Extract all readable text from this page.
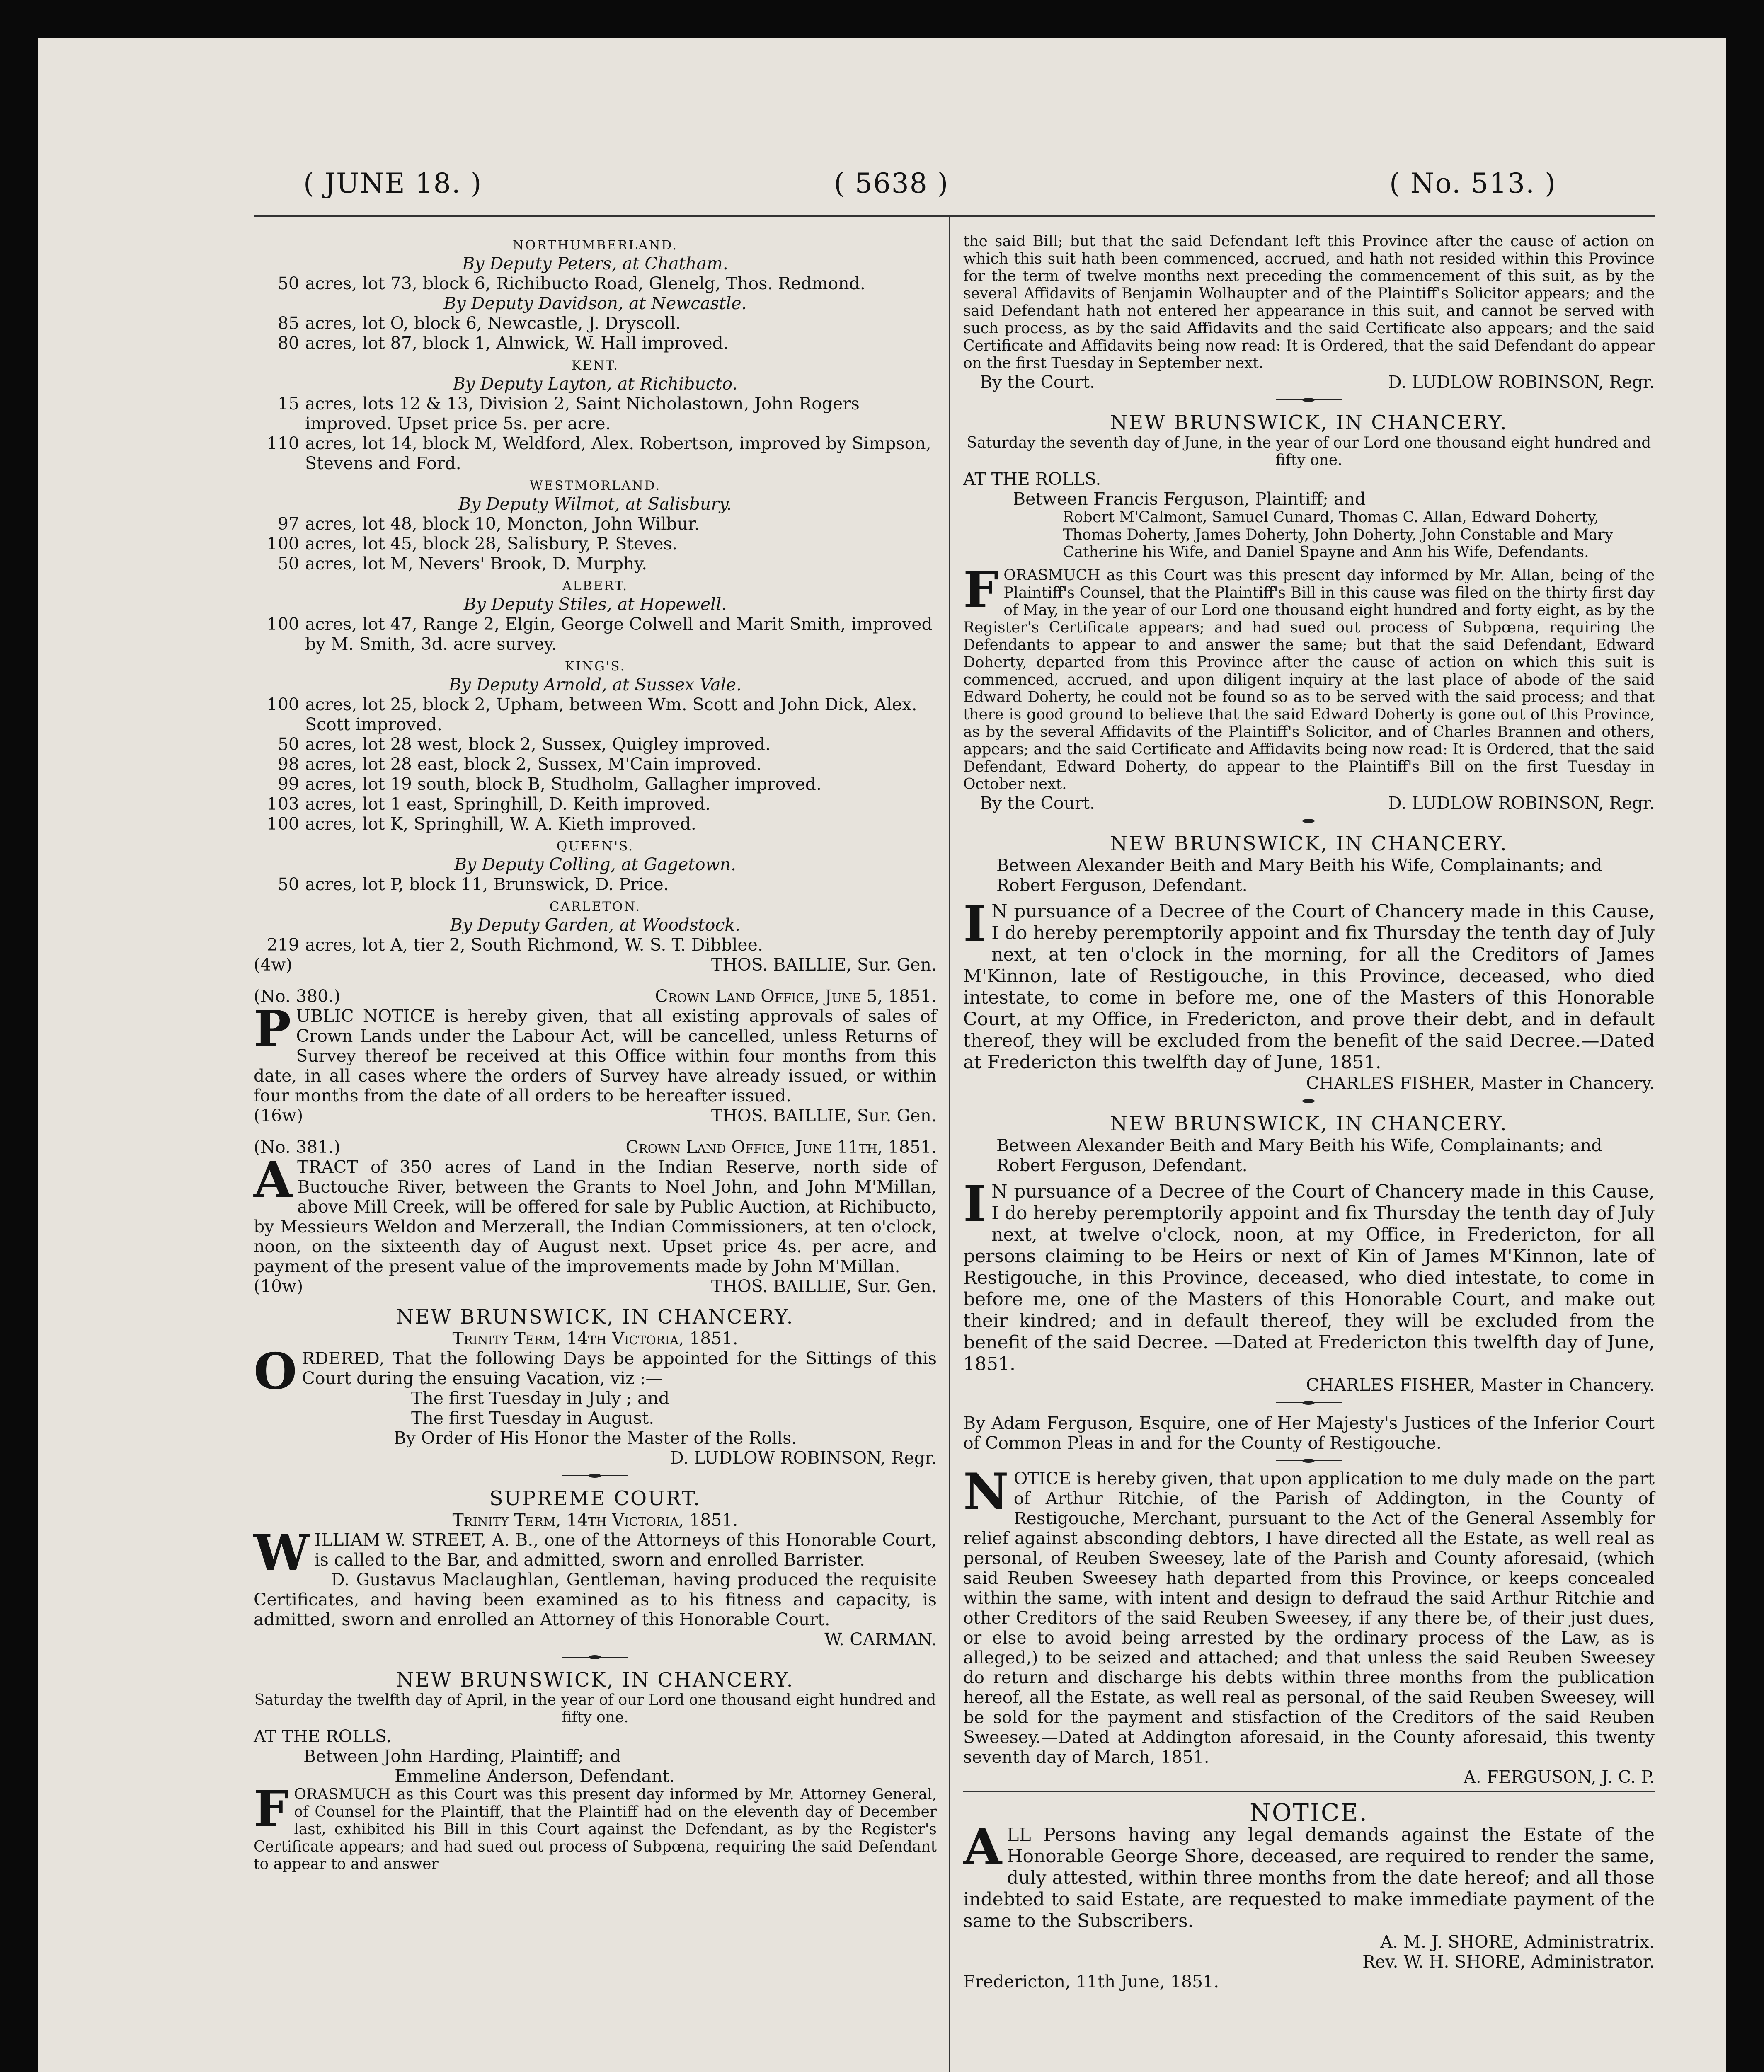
( JUNE 18. )	( 5638 )	( No. 513. )
NORTHUMBERLAND.
By Deputy Peters, at Chatham.
50 acres, lot 73, block 6, Richibucto Road, Glenelg, Thos. Redmond.
By Deputy Davidson, at Newcastle.
85 acres, lot O, block 6, Newcastle, J. Dryscoll.
80 acres, lot 87, block 1, Alnwick, W. Hall improved.
KENT.
By Deputy Layton, at Richibucto.
15 acres, lots 12 & 13, Division 2, Saint Nicholastown, John Rogers improved. Upset price 5s. per acre.
110 acres, lot 14, block M, Weldford, Alex. Robertson, improved by Simpson, Stevens and Ford.
WESTMORLAND.
By Deputy Wilmot, at Salisbury.
97 acres, lot 48, block 10, Moncton, John Wilbur.
100 acres, lot 45, block 28, Salisbury, P. Steves.
50 acres, lot M, Nevers' Brook, D. Murphy.
ALBERT.
By Deputy Stiles, at Hopewell.
100 acres, lot 47, Range 2, Elgin, George Colwell and Marit Smith, improved by M. Smith, 3d. acre survey.
KING'S.
By Deputy Arnold, at Sussex Vale.
100 acres, lot 25, block 2, Upham, between Wm. Scott and John Dick, Alex. Scott improved.
50 acres, lot 28 west, block 2, Sussex, Quigley improved.
98 acres, lot 28 east, block 2, Sussex, M'Cain improved.
99 acres, lot 19 south, block B, Studholm, Gallagher improved.
103 acres, lot 1 east, Springhill, D. Keith improved.
100 acres, lot K, Springhill, W. A. Kieth improved.
QUEEN'S.
By Deputy Colling, at Gagetown.
50 acres, lot P, block 11, Brunswick, D. Price.
CARLETON.
By Deputy Garden, at Woodstock.
219 acres, lot A, tier 2, South Richmond, W. S. T. Dibblee.
(4w)	THOS. BAILLIE, Sur. Gen.
(No. 380.)	Crown Land Office, June 5, 1851.

PUBLIC NOTICE is hereby given, that all existing approvals of sales of Crown Lands under the Labour Act, will be cancelled, unless Returns of Survey thereof be received at this Office within four months from this date, in all cases where the orders of Survey have already issued, or within four months from the date of all orders to be hereafter issued.

(16w)	THOS. BAILLIE, Sur. Gen.
(No. 381.)	Crown Land Office, June 11th, 1851.

ATRACT of 350 acres of Land in the Indian Reserve, north side of Buctouche River, between the Grants to Noel John, and John M'Millan, above Mill Creek, will be offered for sale by Public Auction, at Richibucto, by Messieurs Weldon and Merzerall, the Indian Commissioners, at ten o'clock, noon, on the sixteenth day of August next. Upset price 4s. per acre, and payment of the present value of the improvements made by John M'Millan.

(10w)	THOS. BAILLIE, Sur. Gen.
NEW BRUNSWICK, IN CHANCERY.
Trinity Term, 14th Victoria, 1851.

ORDERED, That the following Days be appointed for the Sittings of this Court during the ensuing Vacation, viz :—

The first Tuesday in July ; and
The first Tuesday in August.
By Order of His Honor the Master of the Rolls.
D. LUDLOW ROBINSON, Regr.
SUPREME COURT.
Trinity Term, 14th Victoria, 1851.

WILLIAM W. STREET, A. B., one of the Attorneys of this Honorable Court, is called to the Bar, and admitted, sworn and enrolled Barrister.

D. Gustavus Maclaughlan, Gentleman, having produced the requisite Certificates, and having been examined as to his fitness and capacity, is admitted, sworn and enrolled an Attorney of this Honorable Court.

W. CARMAN.
NEW BRUNSWICK, IN CHANCERY.
Saturday the twelfth day of April, in the year of our Lord one thousand eight hundred and fifty one.
AT THE ROLLS.
Between John Harding, Plaintiff; and
Emmeline Anderson, Defendant.

FORASMUCH as this Court was this present day informed by Mr. Attorney General, of Counsel for the Plaintiff, that the Plaintiff had on the eleventh day of December last, exhibited his Bill in this Court against the Defendant, as by the Register's Certificate appears; and had sued out process of Subpœna, requiring the said Defendant to appear to and answer

the said Bill; but that the said Defendant left this Province after the cause of action on which this suit hath been commenced, accrued, and hath not resided within this Province for the term of twelve months next preceding the commencement of this suit, as by the several Affidavits of Benjamin Wolhaupter and of the Plaintiff's Solicitor appears; and the said Defendant hath not entered her appearance in this suit, and cannot be served with such process, as by the said Affidavits and the said Certificate also appears; and the said Certificate and Affidavits being now read: It is Ordered, that the said Defendant do appear on the first Tuesday in September next.

By the Court.	D. LUDLOW ROBINSON, Regr.
NEW BRUNSWICK, IN CHANCERY.
Saturday the seventh day of June, in the year of our Lord one thousand eight hundred and fifty one.
AT THE ROLLS.
Between Francis Ferguson, Plaintiff; and
Robert M'Calmont, Samuel Cunard, Thomas C. Allan, Edward Doherty, Thomas Doherty, James Doherty, John Doherty, John Constable and Mary Catherine his Wife, and Daniel Spayne and Ann his Wife, Defendants.

FORASMUCH as this Court was this present day informed by Mr. Allan, being of the Plaintiff's Counsel, that the Plaintiff's Bill in this cause was filed on the thirty first day of May, in the year of our Lord one thousand eight hundred and forty eight, as by the Register's Certificate appears; and had sued out process of Subpœna, requiring the Defendants to appear to and answer the same; but that the said Defendant, Edward Doherty, departed from this Province after the cause of action on which this suit is commenced, accrued, and upon diligent inquiry at the last place of abode of the said Edward Doherty, he could not be found so as to be served with the said process; and that there is good ground to believe that the said Edward Doherty is gone out of this Province, as by the several Affidavits of the Plaintiff's Solicitor, and of Charles Brannen and others, appears; and the said Certificate and Affidavits being now read: It is Ordered, that the said Defendant, Edward Doherty, do appear to the Plaintiff's Bill on the first Tuesday in October next.

By the Court.	D. LUDLOW ROBINSON, Regr.
NEW BRUNSWICK, IN CHANCERY.
Between Alexander Beith and Mary Beith his Wife, Complainants; and
Robert Ferguson, Defendant.

I N pursuance of a Decree of the Court of Chancery made in this Cause, I do hereby peremptorily appoint and fix Thursday the tenth day of July next, at ten o'clock in the morning, for all the Creditors of James M'Kinnon, late of Restigouche, in this Province, deceased, who died intestate, to come in before me, one of the Masters of this Honorable Court, at my Office, in Fredericton, and prove their debt, and in default thereof, they will be excluded from the benefit of the said Decree.—Dated at Fredericton this twelfth day of June, 1851.

CHARLES FISHER, Master in Chancery.
NEW BRUNSWICK, IN CHANCERY.
Between Alexander Beith and Mary Beith his Wife, Complainants; and
Robert Ferguson, Defendant.

I N pursuance of a Decree of the Court of Chancery made in this Cause, I do hereby peremptorily appoint and fix Thursday the tenth day of July next, at twelve o'clock, noon, at my Office, in Fredericton, for all persons claiming to be Heirs or next of Kin of James M'Kinnon, late of Restigouche, in this Province, deceased, who died intestate, to come in before me, one of the Masters of this Honorable Court, and make out their kindred; and in default thereof, they will be excluded from the benefit of the said Decree. —Dated at Fredericton this twelfth day of June, 1851.

CHARLES FISHER, Master in Chancery.

By Adam Ferguson, Esquire, one of Her Majesty's Justices of the Inferior Court of Common Pleas in and for the County of Restigouche.

NOTICE is hereby given, that upon application to me duly made on the part of Arthur Ritchie, of the Parish of Addington, in the County of Restigouche, Merchant, pursuant to the Act of the General Assembly for relief against absconding debtors, I have directed all the Estate, as well real as personal, of Reuben Sweesey, late of the Parish and County aforesaid, (which said Reuben Sweesey hath departed from this Province, or keeps concealed within the same, with intent and design to defraud the said Arthur Ritchie and other Creditors of the said Reuben Sweesey, if any there be, of their just dues, or else to avoid being arrested by the ordinary process of the Law, as is alleged,) to be seized and attached; and that unless the said Reuben Sweesey do return and discharge his debts within three months from the publication hereof, all the Estate, as well real as personal, of the said Reuben Sweesey, will be sold for the payment and stisfaction of the Creditors of the said Reuben Sweesey.—Dated at Addington aforesaid, in the County aforesaid, this twenty seventh day of March, 1851.

A. FERGUSON, J. C. P.
NOTICE.

ALL Persons having any legal demands against the Estate of the Honorable George Shore, deceased, are required to render the same, duly attested, within three months from the date hereof; and all those indebted to said Estate, are requested to make immediate payment of the same to the Subscribers.

A. M. J. SHORE, Administratrix.
Rev. W. H. SHORE, Administrator.
Fredericton, 11th June, 1851.
